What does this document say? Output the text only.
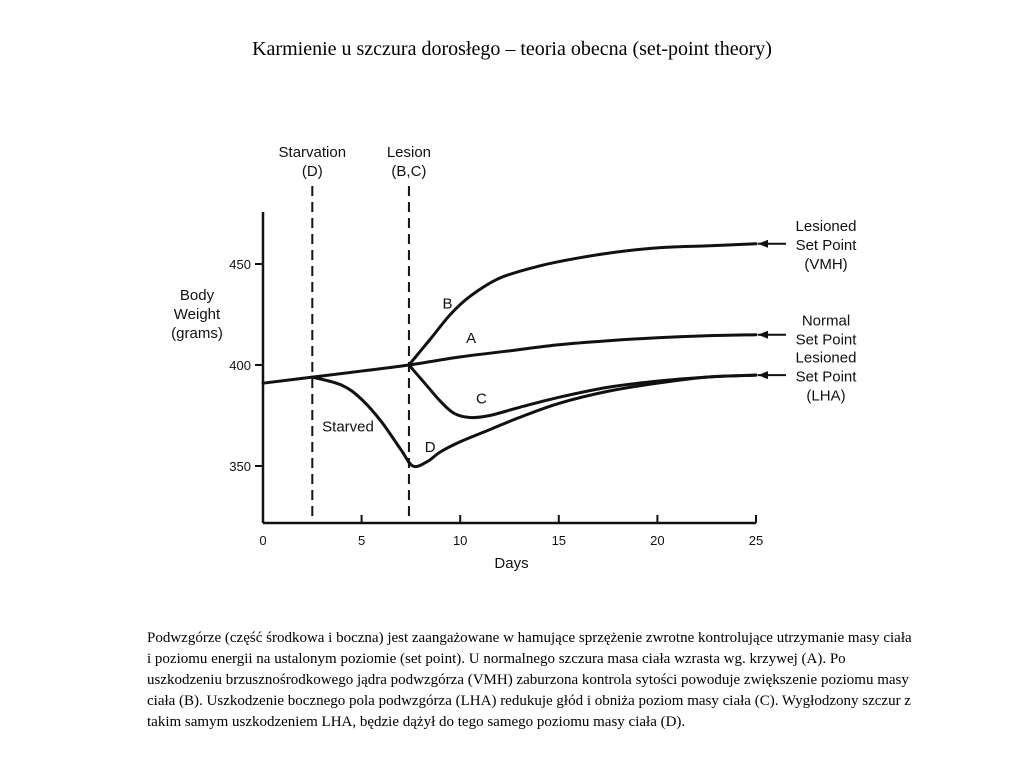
Karmienie u szczura dorosłego – teoria obecna (set-point theory)
350
400
450
0	5	10	15	20	25
Days
Body
Weight
(grams)
Starvation
(D)
Lesion
(B,C)
B
A
C
D
Starved
Lesioned
Set Point
(VMH)
Normal
Set Point
Lesioned
Set Point
(LHA)
Podwzgórze (część środkowa i boczna) jest zaangażowane w hamujące sprzężenie zwrotne kontrolujące utrzymanie masy ciała i poziomu energii na ustalonym poziomie (set point). U normalnego szczura masa ciała wzrasta wg. krzywej (A). Po uszkodzeniu brzusznośrodkowego jądra podwzgórza (VMH) zaburzona kontrola sytości powoduje zwiększenie poziomu masy ciała (B). Uszkodzenie bocznego pola podwzgórza (LHA) redukuje głód i obniża poziom masy ciała (C). Wygłodzony szczur z takim samym uszkodzeniem LHA, będzie dążył do tego samego poziomu masy ciała (D).
